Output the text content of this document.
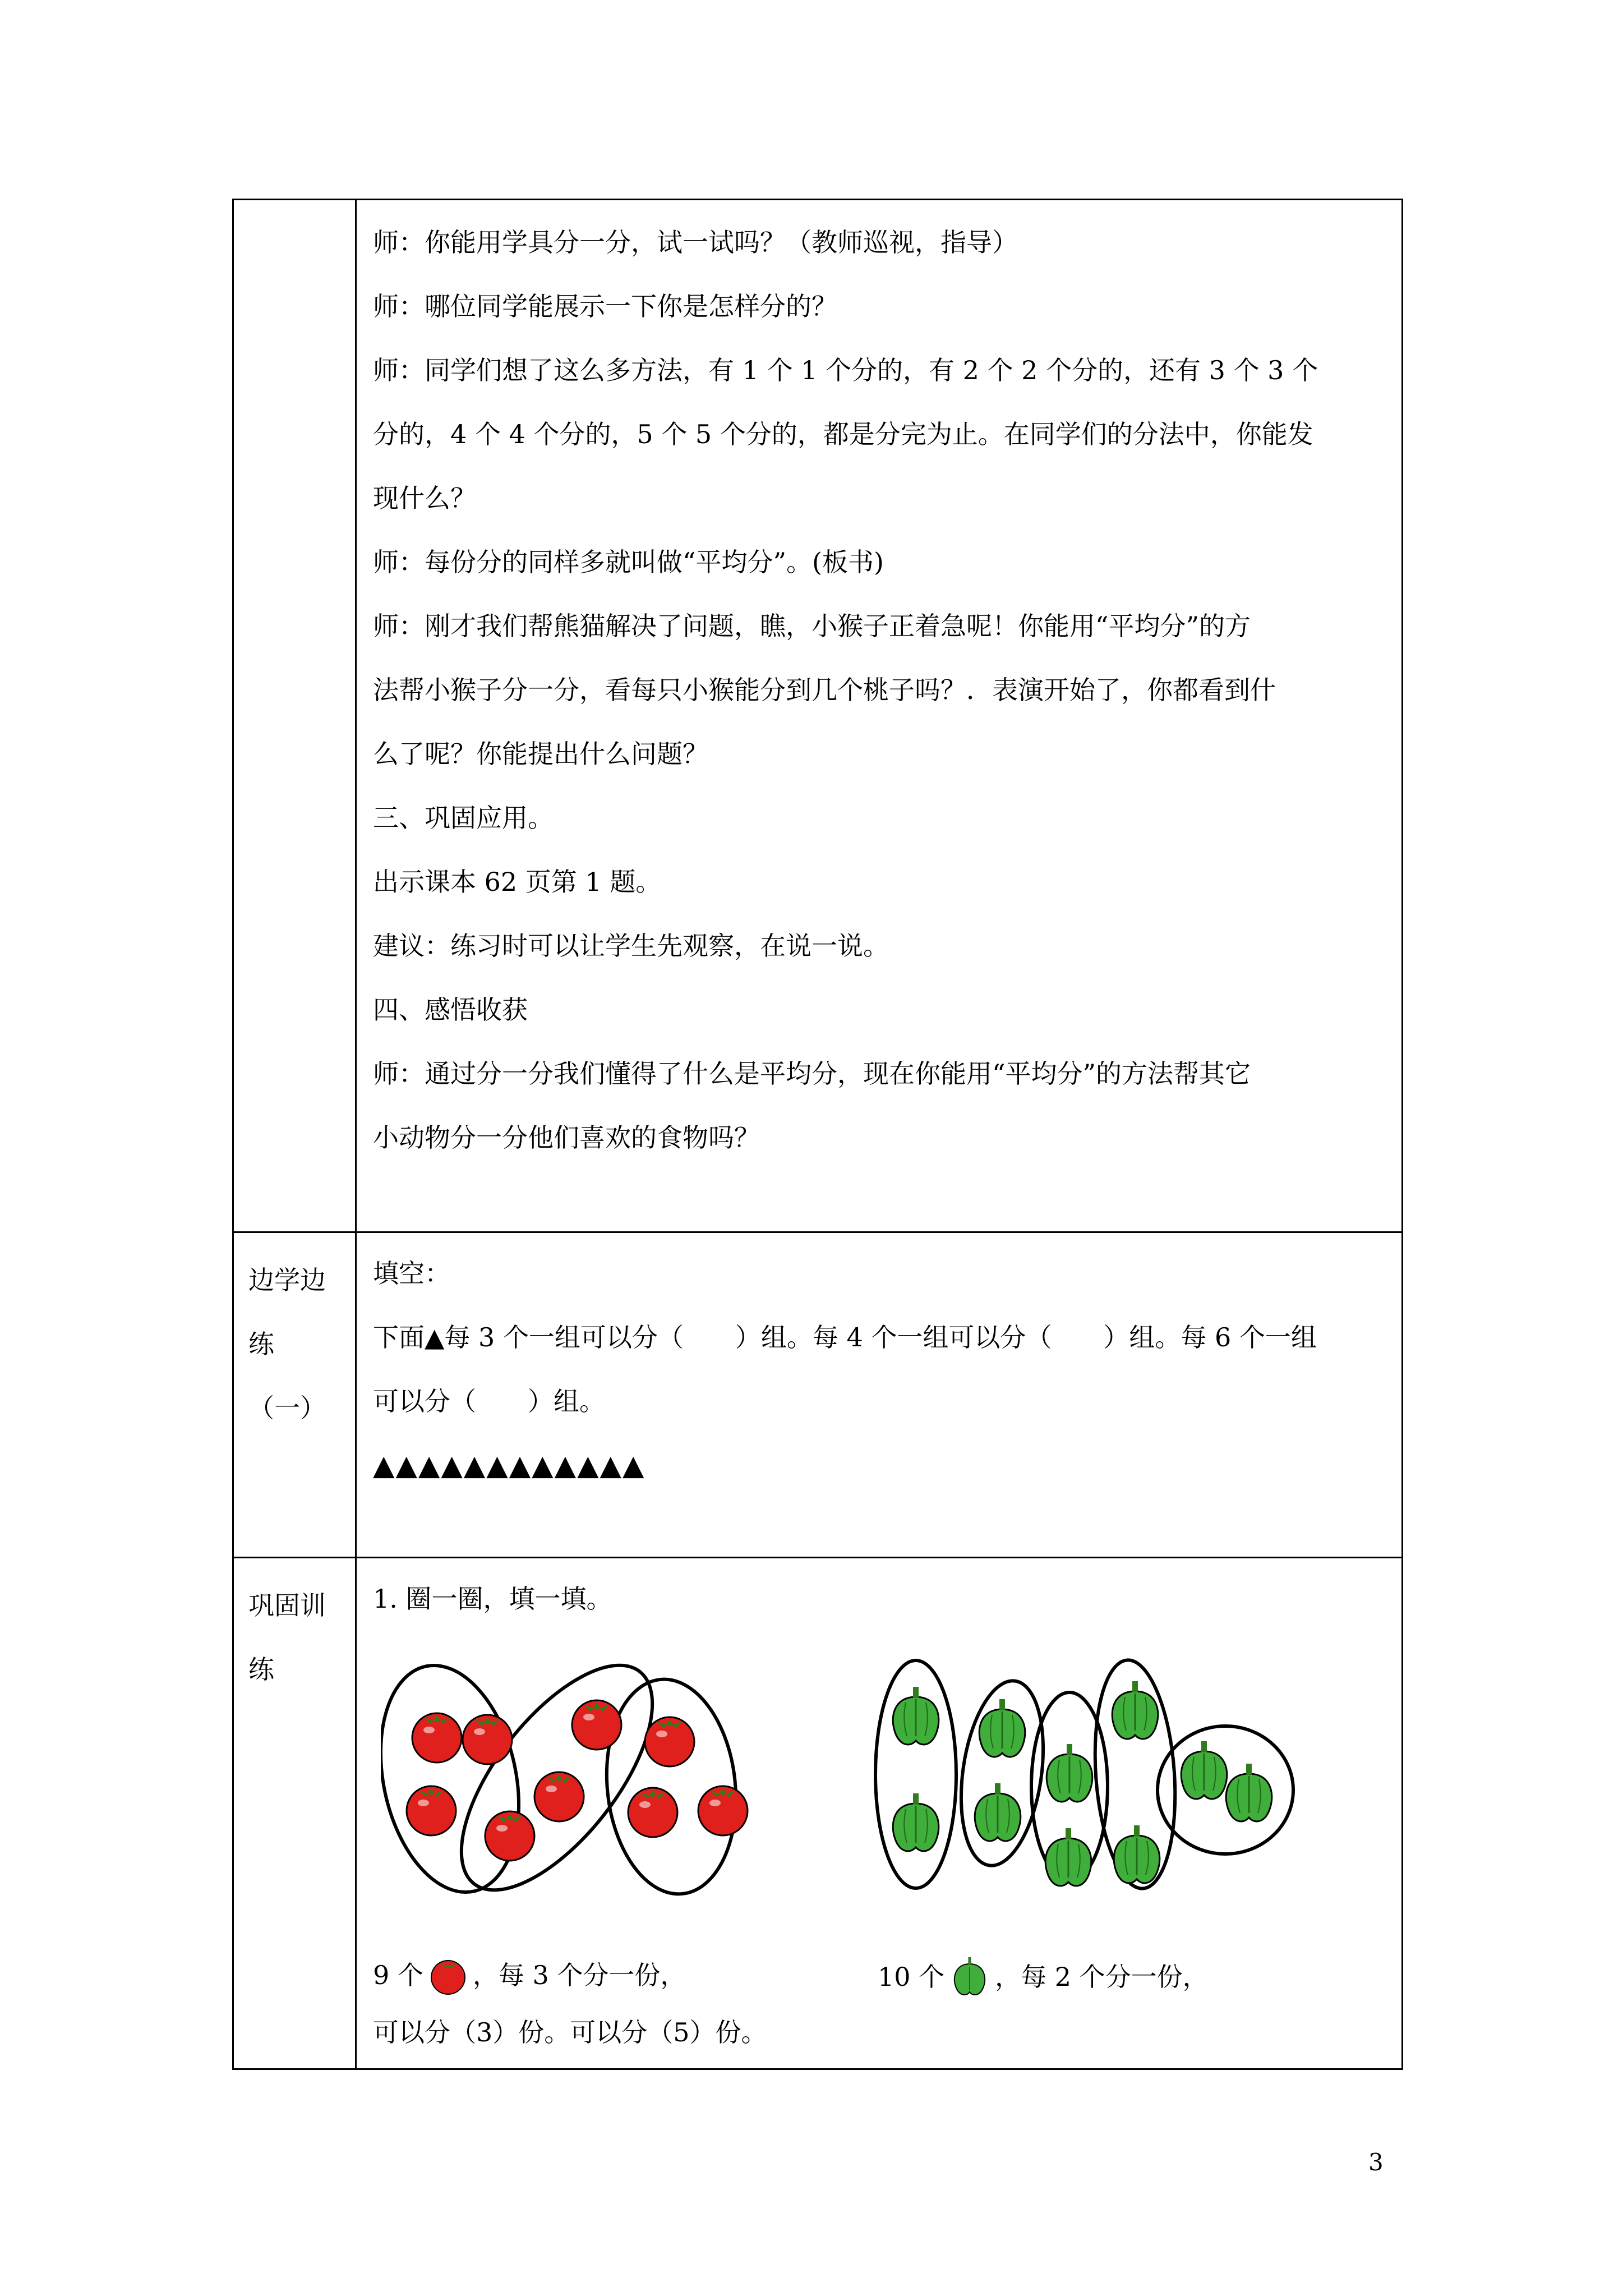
师：你能用学具分一分，试一试吗？（教师巡视，指导）

师：哪位同学能展示一下你是怎样分的？

师：同学们想了这么多方法，有 1 个 1 个分的，有 2 个 2 个分的，还有 3 个 3 个

分的，4 个 4 个分的，5 个 5 个分的，都是分完为止。在同学们的分法中，你能发

现什么？

师：每份分的同样多就叫做“平均分”。(板书)

师：刚才我们帮熊猫解决了问题，瞧，小猴子正着急呢！你能用“平均分”的方

法帮小猴子分一分，看每只小猴能分到几个桃子吗？．表演开始了，你都看到什

么了呢？你能提出什么问题？

三、巩固应用。

出示课本 62 页第 1 题。

建议：练习时可以让学生先观察，在说一说。

四、感悟收获

师：通过分一分我们懂得了什么是平均分，现在你能用“平均分”的方法帮其它

小动物分一分他们喜欢的食物吗？

边学边
练
（一）

填空：

下面▲每 3 个一组可以分（　　）组。每 4 个一组可以分（　　）组。每 6 个一组

可以分（　　）组。

▲▲▲▲▲▲▲▲▲▲▲▲

巩固训
练

1. 圈一圈，填一填。

9 个 ，每 3 个分一份，	10 个 ，每 2 个分一份，

可以分（3）份。可以分（5）份。

3
